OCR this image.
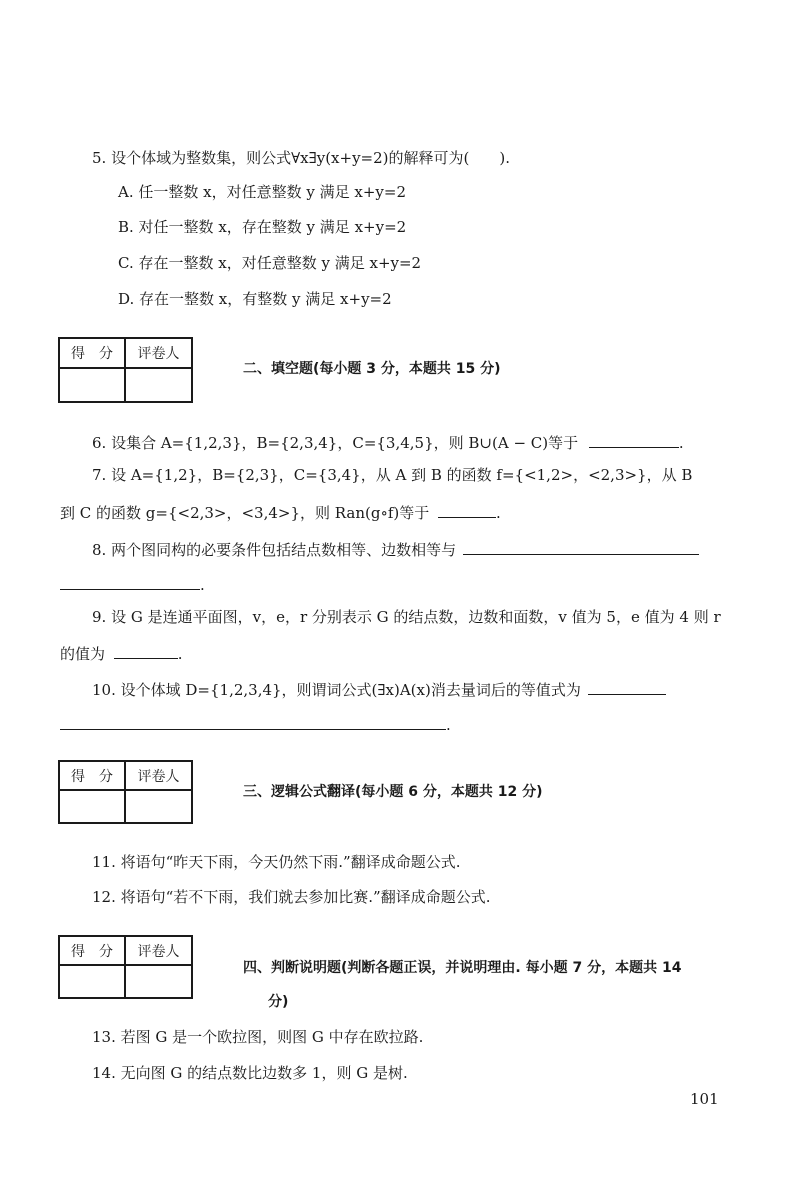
5. 设个体域为整数集，则公式∀x∃y(x+y=2)的解释可为(　　).
A. 任一整数 x，对任意整数 y 满足 x+y=2
B. 对任一整数 x，存在整数 y 满足 x+y=2
C. 存在一整数 x，对任意整数 y 满足 x+y=2
D. 存在一整数 x，有整数 y 满足 x+y=2
得　分	评卷人

二、填空题(每小题 3 分，本题共 15 分)
6. 设集合 A={1,2,3}，B={2,3,4}，C={3,4,5}，则 B∪(A − C)等于	.
7. 设 A={1,2}，B={2,3}，C={3,4}，从 A 到 B 的函数 f={<1,2>，<2,3>}，从 B
到 C 的函数 g={<2,3>，<3,4>}，则 Ran(g∘f)等于	.
8. 两个图同构的必要条件包括结点数相等、边数相等与
.
9. 设 G 是连通平面图，v，e，r 分别表示 G 的结点数，边数和面数，v 值为 5，e 值为 4 则 r
的值为	.
10. 设个体域 D={1,2,3,4}，则谓词公式(∃x)A(x)消去量词后的等值式为
.
得　分	评卷人

三、逻辑公式翻译(每小题 6 分，本题共 12 分)
11. 将语句“昨天下雨，今天仍然下雨.”翻译成命题公式.
12. 将语句“若不下雨，我们就去参加比赛.”翻译成命题公式.
得　分	评卷人

四、判断说明题(判断各题正误，并说明理由. 每小题 7 分，本题共 14
分)
13. 若图 G 是一个欧拉图，则图 G 中存在欧拉路.
14. 无向图 G 的结点数比边数多 1，则 G 是树.
101
